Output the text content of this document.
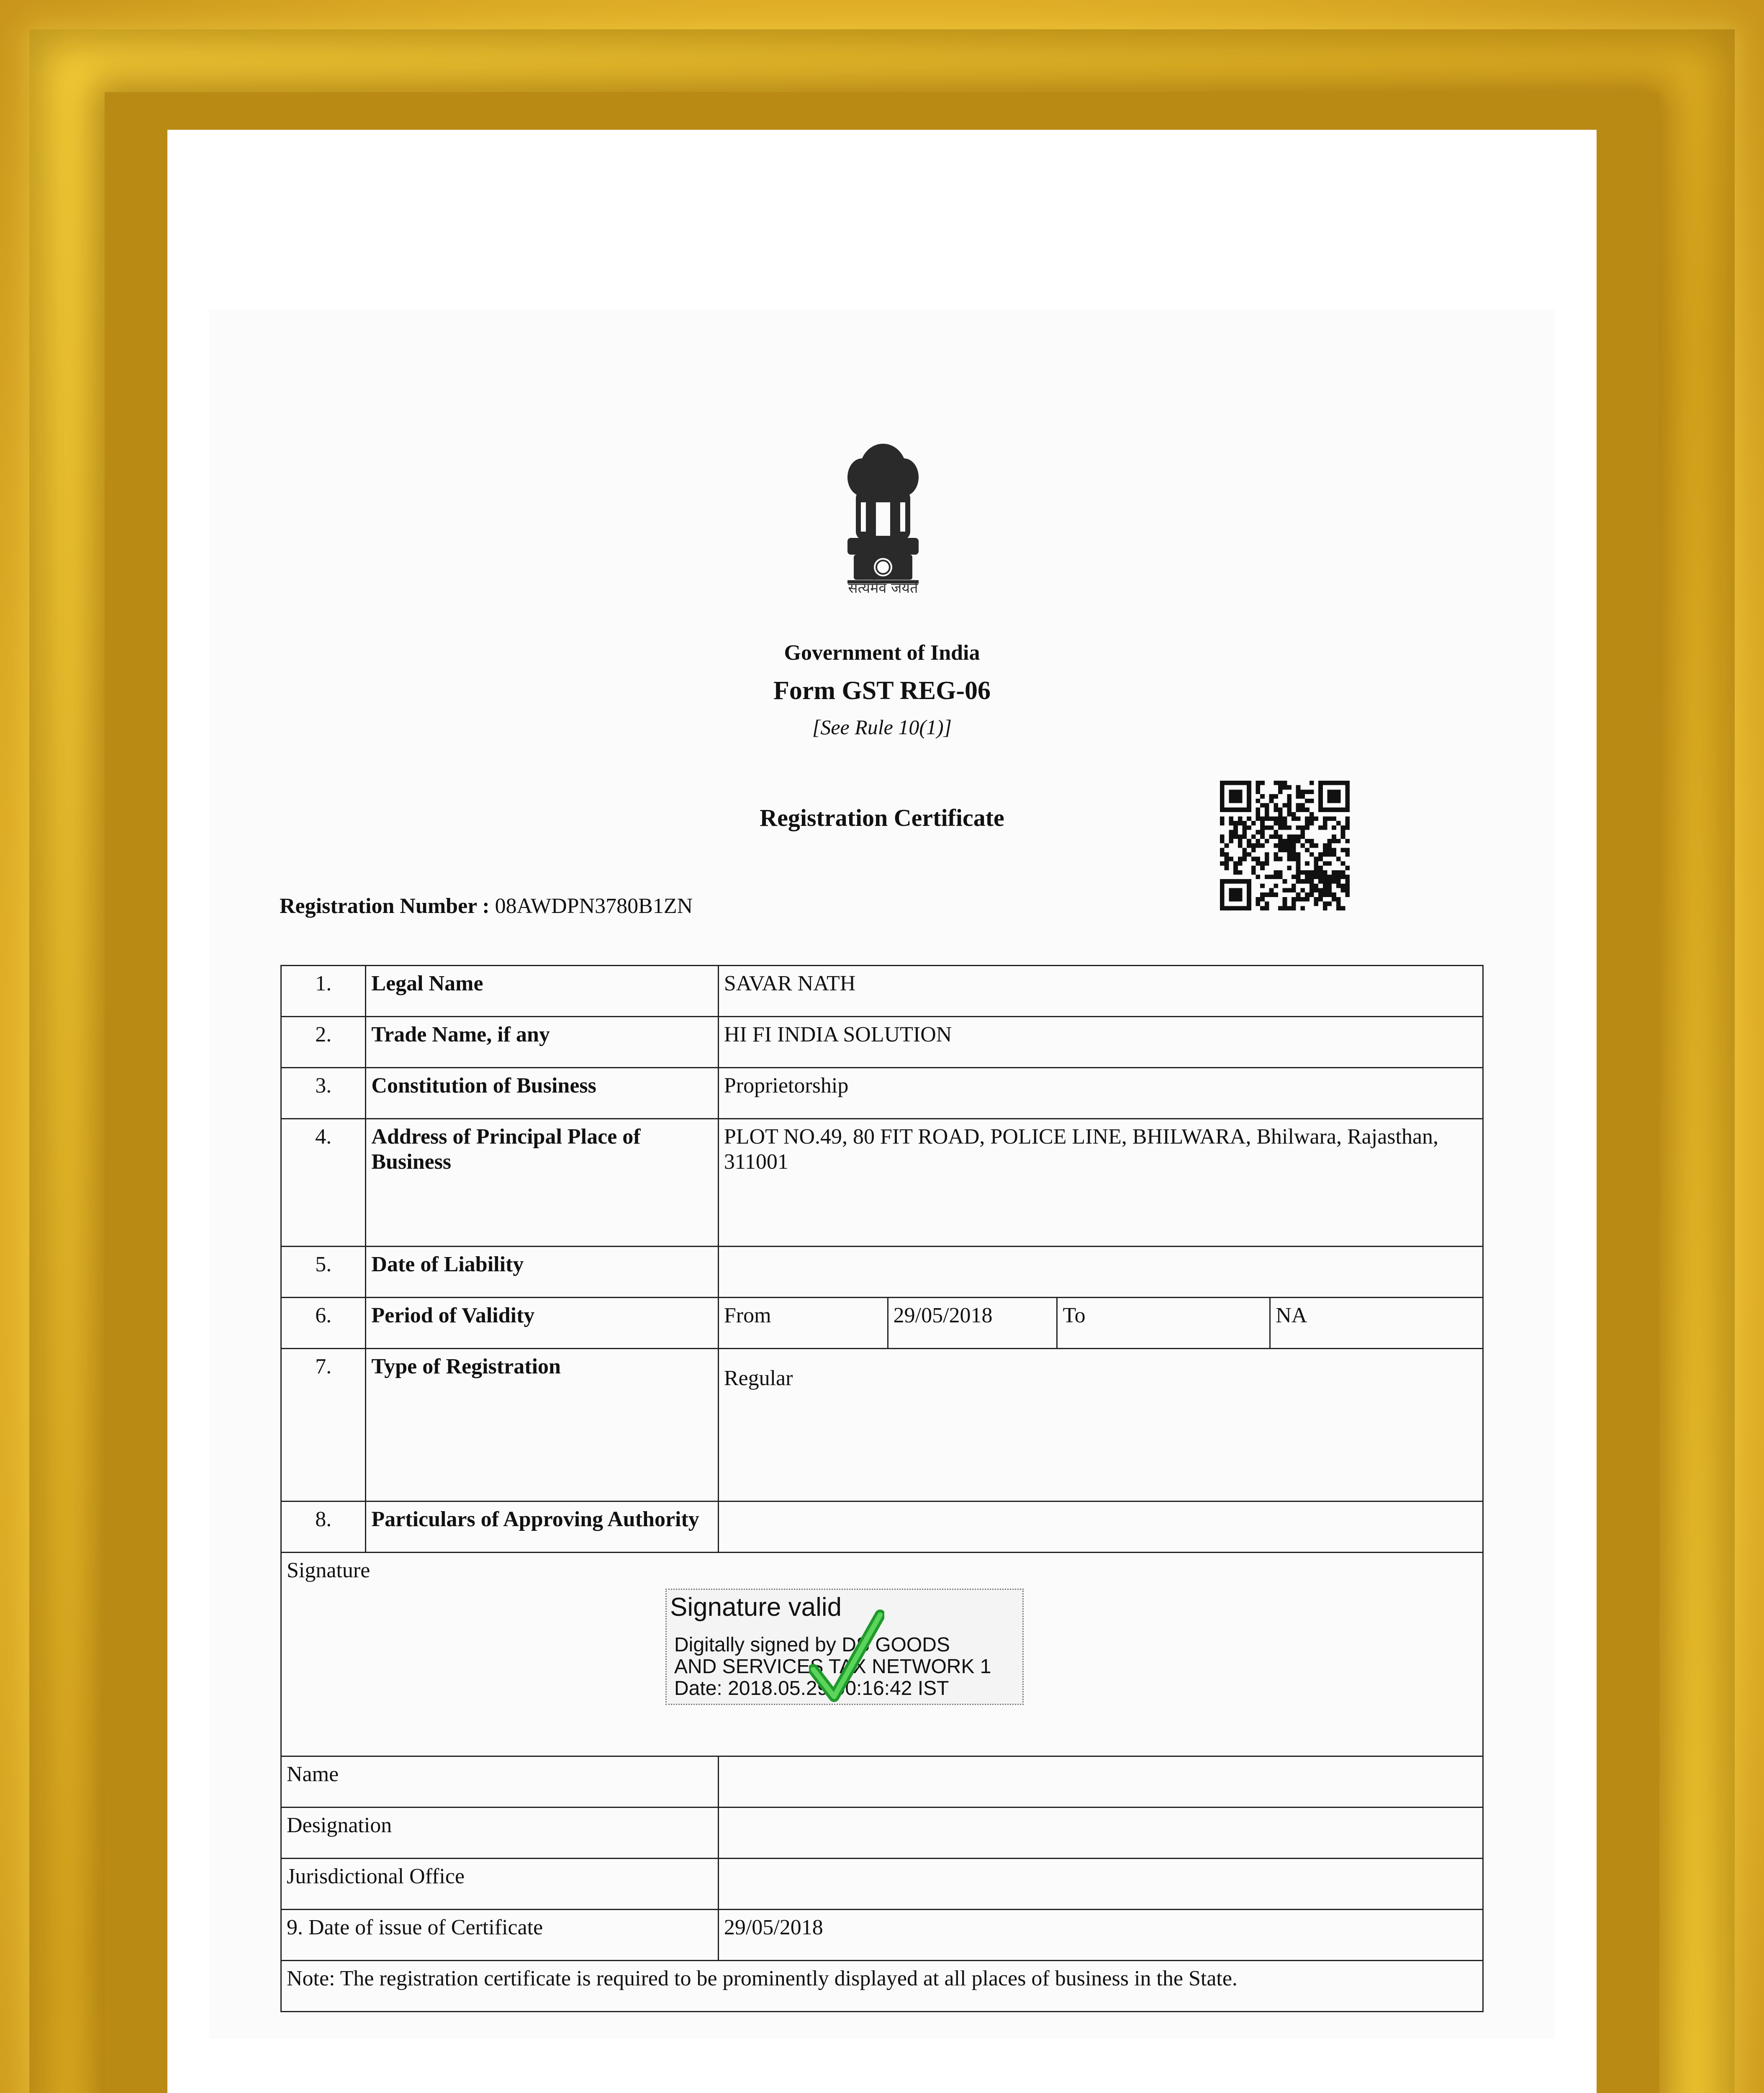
सत्यमेव जयते
Government of India
Form GST REG-06
[See Rule 10(1)]
Registration Certificate
Registration Number : 08AWDPN3780B1ZN
1.	Legal Name	SAVAR NATH			
2.	Trade Name, if any	HI FI INDIA SOLUTION			
3.	Constitution of Business	Proprietorship			
4.	Address of Principal Place of Business	PLOT NO.49, 80 FIT ROAD, POLICE LINE, BHILWARA, Bhilwara, Rajasthan, 311001			
5.	Date of Liability				
6.	Period of Validity	From	29/05/2018	To	NA
7.	Type of Registration	Regular			
8.	Particulars of Approving Authority				
Signature					
Name					
Designation					
Jurisdictional Office					
9. Date of issue of Certificate		29/05/2018			
Note: The registration certificate is required to be prominently displayed at all places of business in the State.					
Signature valid
Digitally signed by DS GOODS
AND SERVICES TAX NETWORK 1
Date: 2018.05.29 00:16:42 IST
